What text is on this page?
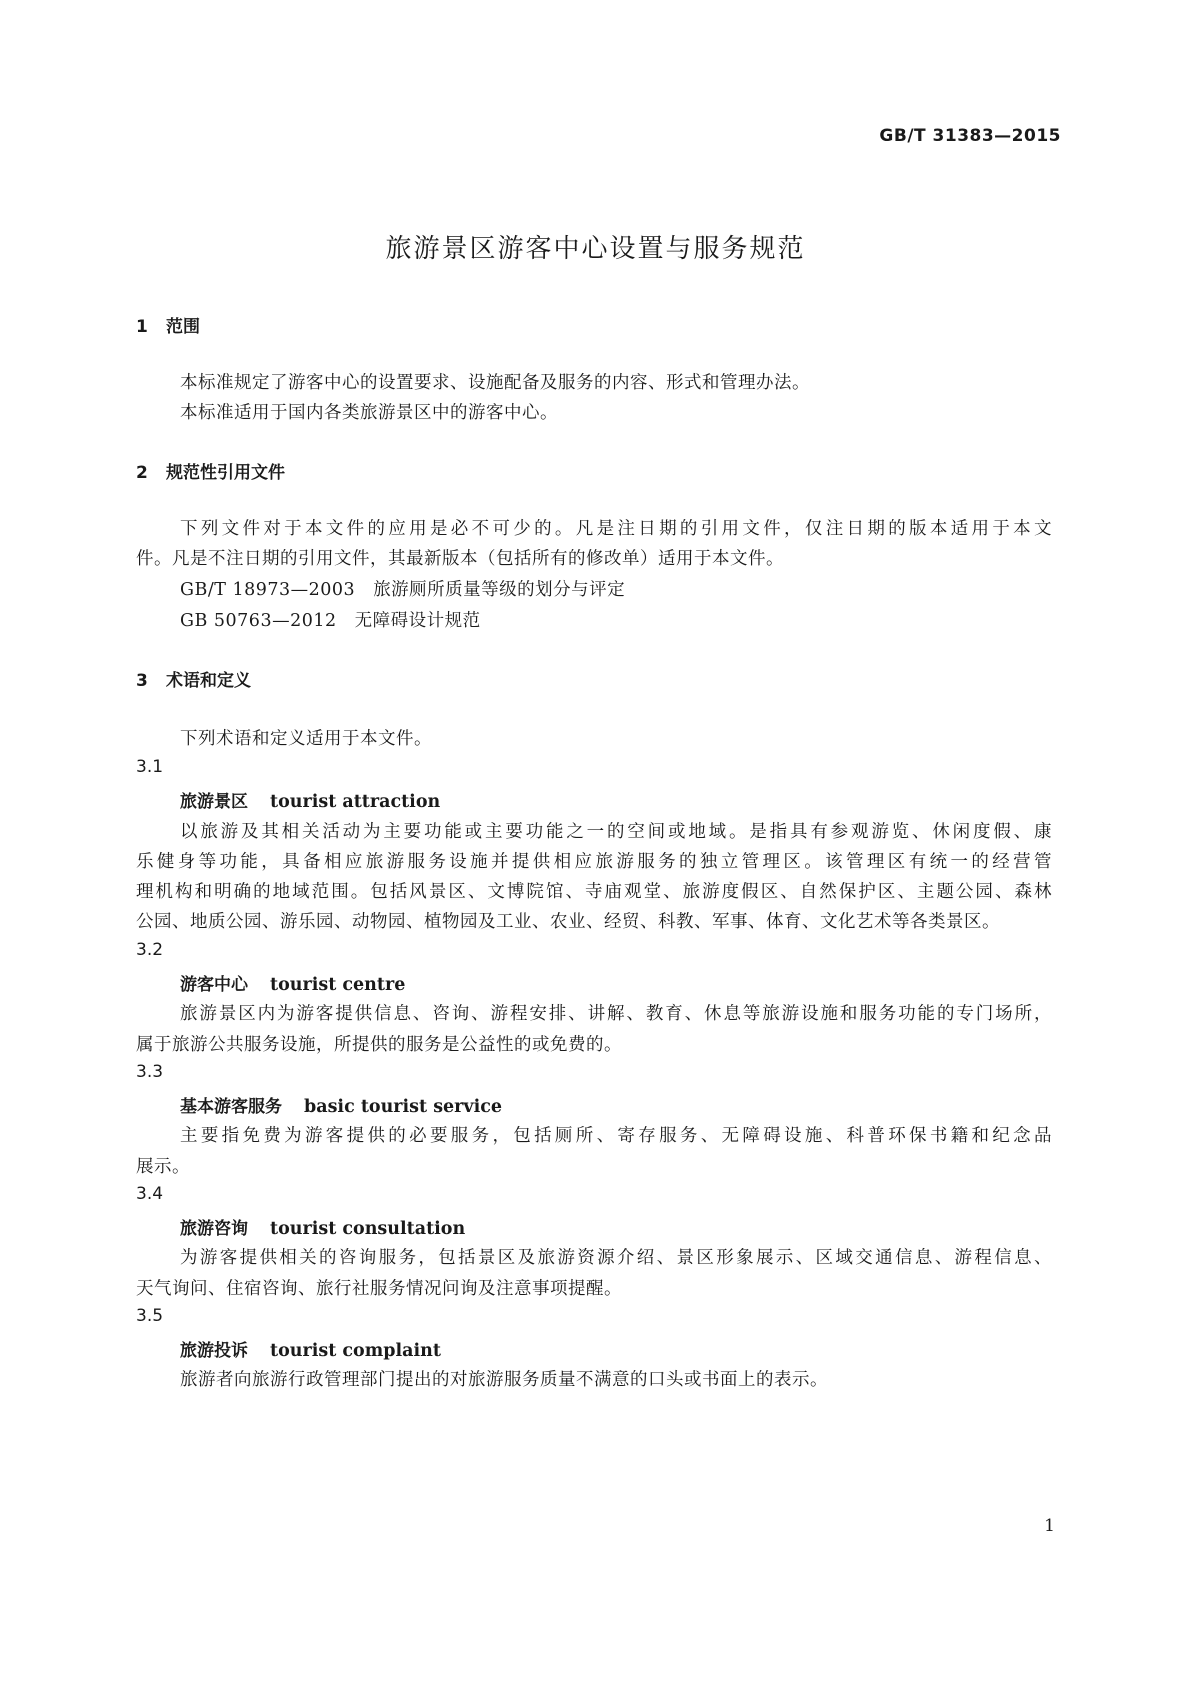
GB/T 31383—2015
旅游景区游客中心设置与服务规范
1 范围
本标准规定了游客中心的设置要求、设施配备及服务的内容、形式和管理办法。
本标准适用于国内各类旅游景区中的游客中心。
2 规范性引用文件
下列文件对于本文件的应用是必不可少的。凡是注日期的引用文件，仅注日期的版本适用于本文
件。凡是不注日期的引用文件，其最新版本（包括所有的修改单）适用于本文件。
GB/T 18973—2003 旅游厕所质量等级的划分与评定
GB 50763—2012 无障碍设计规范
3 术语和定义
下列术语和定义适用于本文件。
3.1
旅游景区 tourist attraction
以旅游及其相关活动为主要功能或主要功能之一的空间或地域。是指具有参观游览、休闲度假、康
乐健身等功能，具备相应旅游服务设施并提供相应旅游服务的独立管理区。该管理区有统一的经营管
理机构和明确的地域范围。包括风景区、文博院馆、寺庙观堂、旅游度假区、自然保护区、主题公园、森林
公园、地质公园、游乐园、动物园、植物园及工业、农业、经贸、科教、军事、体育、文化艺术等各类景区。
3.2
游客中心 tourist centre
旅游景区内为游客提供信息、咨询、游程安排、讲解、教育、休息等旅游设施和服务功能的专门场所，
属于旅游公共服务设施，所提供的服务是公益性的或免费的。
3.3
基本游客服务 basic tourist service
主要指免费为游客提供的必要服务，包括厕所、寄存服务、无障碍设施、科普环保书籍和纪念品
展示。
3.4
旅游咨询 tourist consultation
为游客提供相关的咨询服务，包括景区及旅游资源介绍、景区形象展示、区域交通信息、游程信息、
天气询问、住宿咨询、旅行社服务情况问询及注意事项提醒。
3.5
旅游投诉 tourist complaint
旅游者向旅游行政管理部门提出的对旅游服务质量不满意的口头或书面上的表示。
1
